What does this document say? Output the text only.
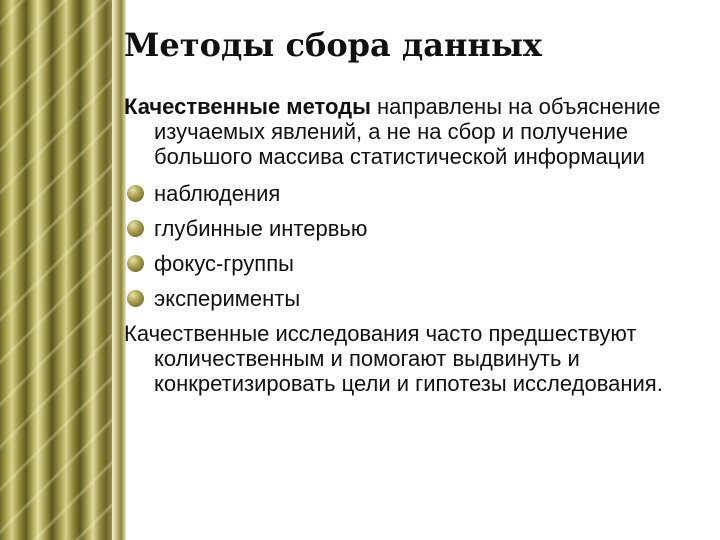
Методы сбора данных
Качественные методы направлены на объяснение изучаемых явлений, а не на сбор и получение большого массива статистической информации
наблюдения
глубинные интервью
фокус-группы
эксперименты
Качественные исследования часто предшествуют количественным и помогают выдвинуть и конкретизировать цели и гипотезы исследования.
